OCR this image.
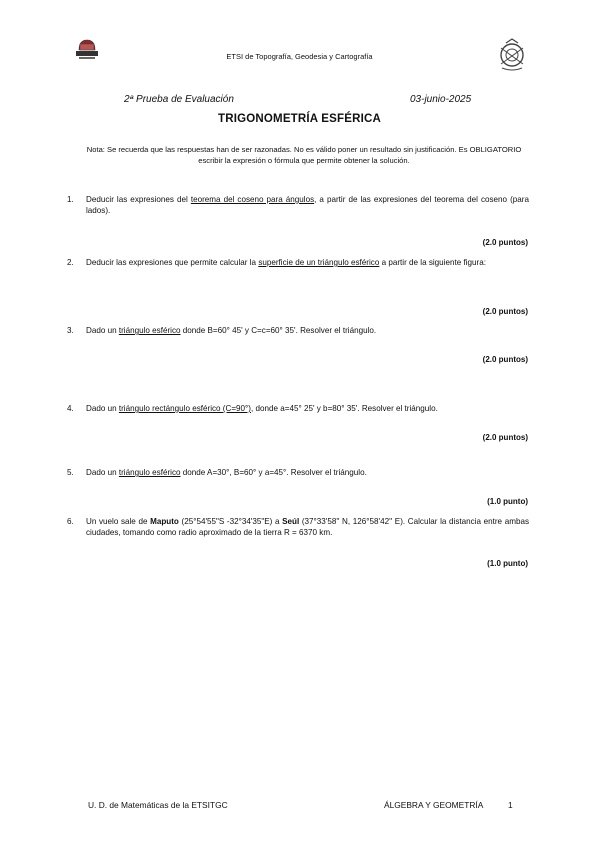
ETSI de Topografía, Geodesia y Cartografía
2ª Prueba de Evaluación	03-junio-2025
TRIGONOMETRÍA ESFÉRICA
Nota: Se recuerda que las respuestas han de ser razonadas. No es válido poner un resultado sin justificación. Es OBLIGATORIO escribir la expresión o fórmula que permite obtener la solución.
1. Deducir las expresiones del teorema del coseno para ángulos, a partir de las expresiones del teorema del coseno (para lados).
(2.0 puntos)
2. Deducir las expresiones que permite calcular la superficie de un triángulo esférico a partir de la siguiente figura:
(2.0 puntos)
3. Dado un triángulo esférico donde B=60° 45' y C=c=60° 35'. Resolver el triángulo.
(2.0 puntos)
4. Dado un triángulo rectángulo esférico (C=90°), donde a=45° 25' y b=80° 35'. Resolver el triángulo.
(2.0 puntos)
5. Dado un triángulo esférico donde A=30°, B=60° y a=45°. Resolver el triángulo.
(1.0 punto)
6. Un vuelo sale de Maputo (25°54'55"S -32°34'35"E) a Seúl (37°33'58'' N, 126°58'42'' E). Calcular la distancia entre ambas ciudades, tomando como radio aproximado de la tierra R = 6370 km.
(1.0 punto)
U. D. de Matemáticas de la ETSITGC	ÁLGEBRA Y GEOMETRÍA	1
